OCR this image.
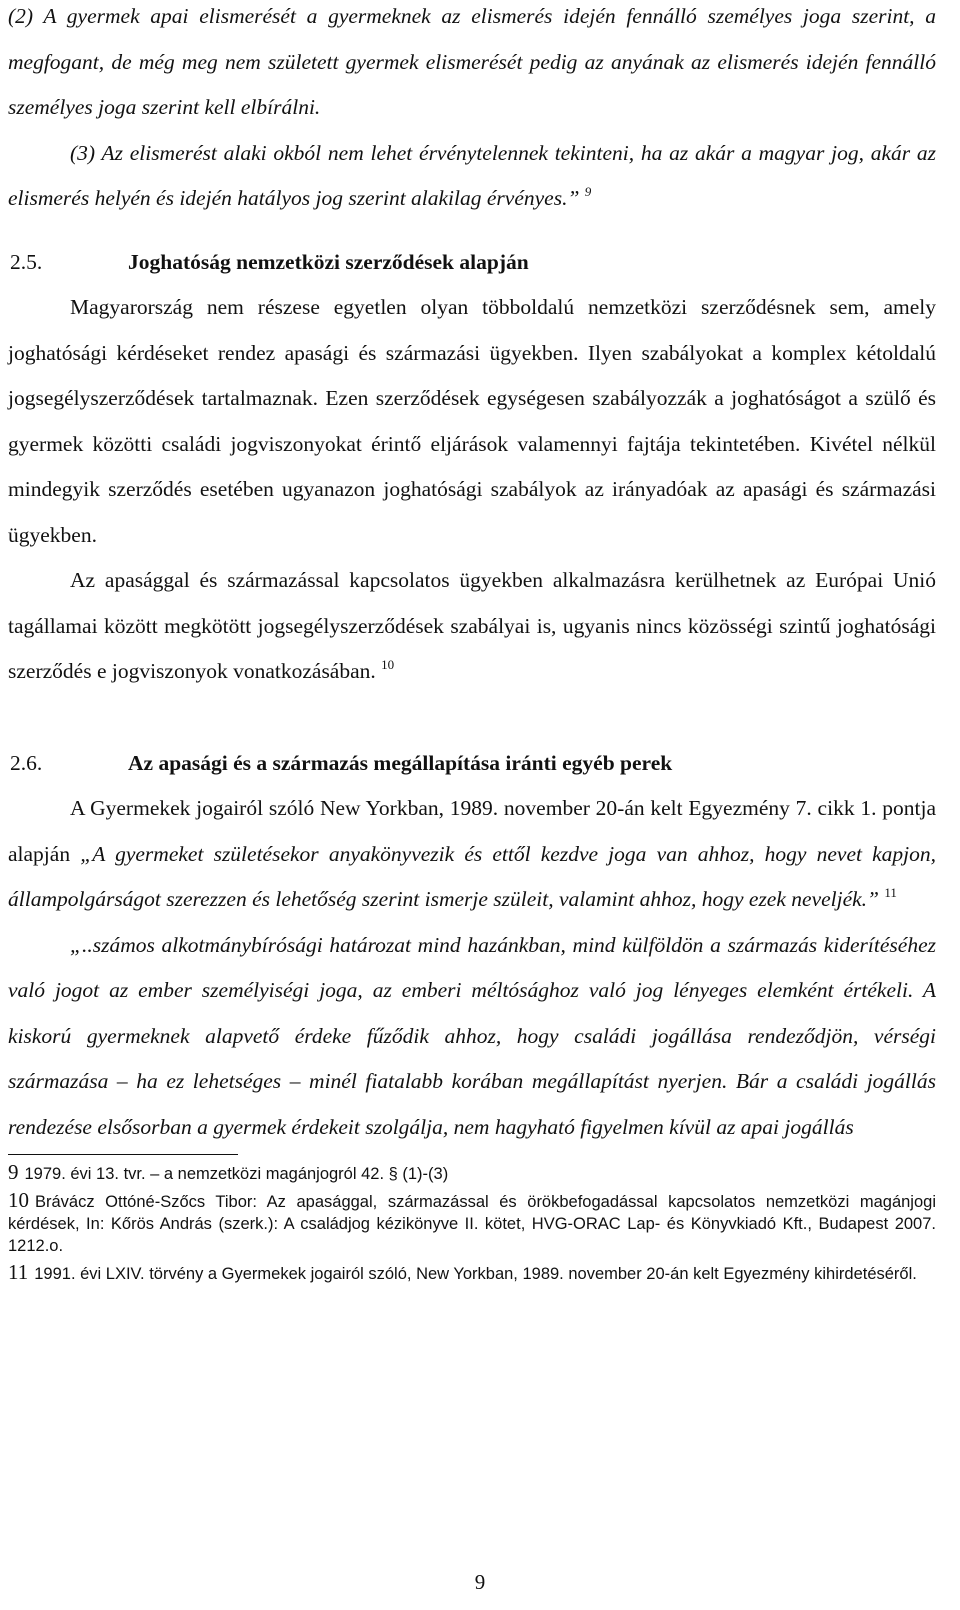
(2) A gyermek apai elismerését a gyermeknek az elismerés idején fennálló személyes joga szerint, a megfogant, de még meg nem született gyermek elismerését pedig az anyának az elismerés idején fennálló személyes joga szerint kell elbírálni.

(3) Az elismerést alaki okból nem lehet érvénytelennek tekinteni, ha az akár a magyar jog, akár az elismerés helyén és idején hatályos jog szerint alakilag érvényes.” $^9$

2.5.	Joghatóság nemzetközi szerződések alapján

Magyarország nem részese egyetlen olyan többoldalú nemzetközi szerződésnek sem, amely joghatósági kérdéseket rendez apasági és származási ügyekben. Ilyen szabályokat a komplex kétoldalú jogsegélyszerződések tartalmaznak. Ezen szerződések egységesen szabályozzák a joghatóságot a szülő és gyermek közötti családi jogviszonyokat érintő eljárások valamennyi fajtája tekintetében. Kivétel nélkül mindegyik szerződés esetében ugyanazon joghatósági szabályok az irányadóak az apasági és származási ügyekben.

Az apasággal és származással kapcsolatos ügyekben alkalmazásra kerülhetnek az Európai Unió tagállamai között megkötött jogsegélyszerződések szabályai is, ugyanis nincs közösségi szintű joghatósági szerződés e jogviszonyok vonatkozásában. $^{10}$

2.6.	Az apasági és a származás megállapítása iránti egyéb perek

A Gyermekek jogairól szóló New Yorkban, 1989. november 20-án kelt Egyezmény 7. cikk 1. pontja alapján „A gyermeket születésekor anyakönyvezik és ettől kezdve joga van ahhoz, hogy nevet kapjon, állampolgárságot szerezzen és lehetőség szerint ismerje szüleit, valamint ahhoz, hogy ezek neveljék.” $^{11}$

„..számos alkotmánybírósági határozat mind hazánkban, mind külföldön a származás kiderítéséhez való jogot az ember személyiségi joga, az emberi méltósághoz való jog lényeges elemként értékeli. A kiskorú gyermeknek alapvető érdeke fűződik ahhoz, hogy családi jogállása rendeződjön, vérségi származása – ha ez lehetséges – minél fiatalabb korában megállapítást nyerjen. Bár a családi jogállás rendezése elsősorban a gyermek érdekeit szolgálja, nem hagyható figyelmen kívül az apai jogállás

9 1979. évi 13. tvr. – a nemzetközi magánjogról 42. § (1)-(3)

10 Brávácz Ottóné-Szőcs Tibor: Az apasággal, származással és örökbefogadással kapcsolatos nemzetközi magánjogi kérdések, In: Kőrös András (szerk.): A családjog kézikönyve II. kötet, HVG-ORAC Lap- és Könyvkiadó Kft., Budapest 2007. 1212.o.

11 1991. évi LXIV. törvény a Gyermekek jogairól szóló, New Yorkban, 1989. november 20-án kelt Egyezmény kihirdetéséről.

9
